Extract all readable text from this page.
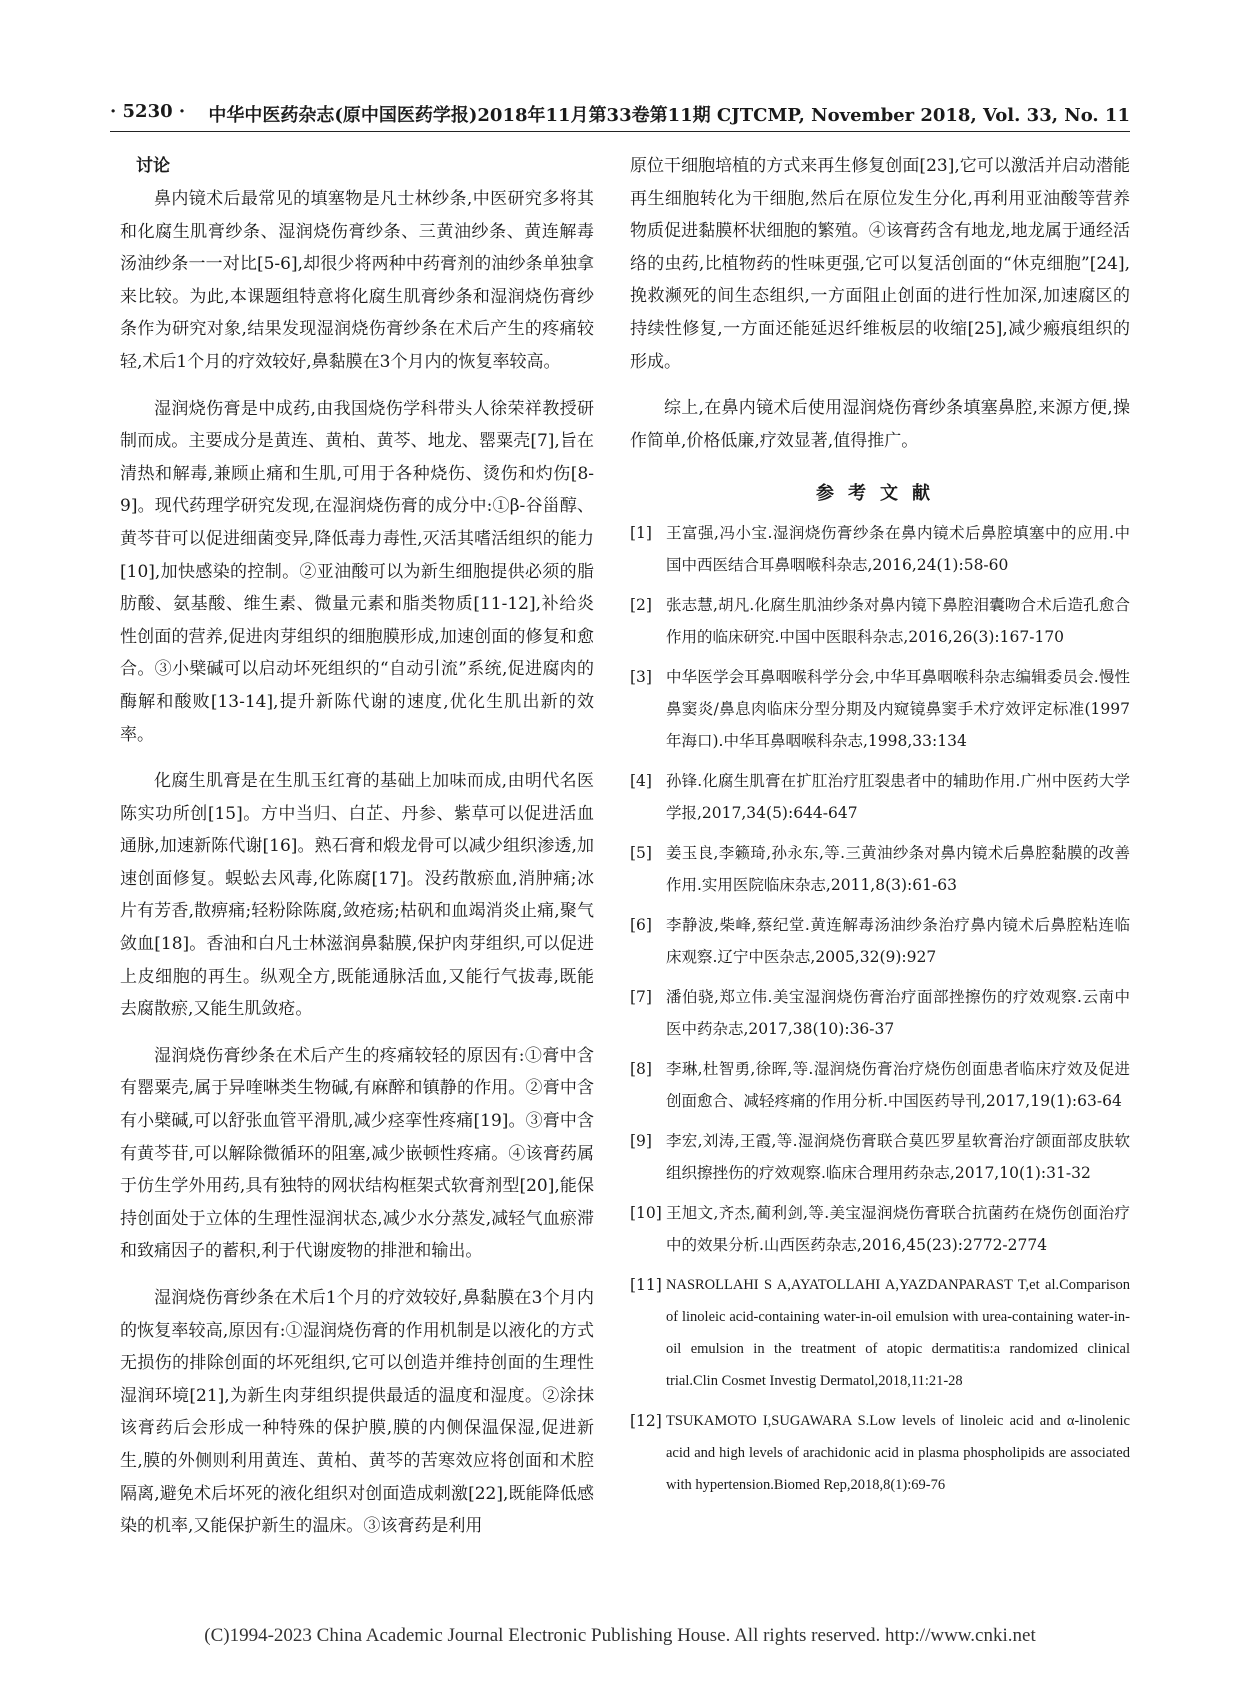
· 5230 · 中华中医药杂志(原中国医药学报)2018年11月第33卷第11期 CJTCMP, November 2018, Vol. 33, No. 11
讨论

鼻内镜术后最常见的填塞物是凡士林纱条,中医研究多将其和化腐生肌膏纱条、湿润烧伤膏纱条、三黄油纱条、黄连解毒汤油纱条一一对比[5-6],却很少将两种中药膏剂的油纱条单独拿来比较。为此,本课题组特意将化腐生肌膏纱条和湿润烧伤膏纱条作为研究对象,结果发现湿润烧伤膏纱条在术后产生的疼痛较轻,术后1个月的疗效较好,鼻黏膜在3个月内的恢复率较高。

湿润烧伤膏是中成药,由我国烧伤学科带头人徐荣祥教授研制而成。主要成分是黄连、黄柏、黄芩、地龙、罂粟壳[7],旨在清热和解毒,兼顾止痛和生肌,可用于各种烧伤、烫伤和灼伤[8-9]。现代药理学研究发现,在湿润烧伤膏的成分中:①β-谷甾醇、黄芩苷可以促进细菌变异,降低毒力毒性,灭活其嗜活组织的能力[10],加快感染的控制。②亚油酸可以为新生细胞提供必须的脂肪酸、氨基酸、维生素、微量元素和脂类物质[11-12],补给炎性创面的营养,促进肉芽组织的细胞膜形成,加速创面的修复和愈合。③小檗碱可以启动坏死组织的“自动引流”系统,促进腐肉的酶解和酸败[13-14],提升新陈代谢的速度,优化生肌出新的效率。

化腐生肌膏是在生肌玉红膏的基础上加味而成,由明代名医陈实功所创[15]。方中当归、白芷、丹参、紫草可以促进活血通脉,加速新陈代谢[16]。熟石膏和煅龙骨可以减少组织渗透,加速创面修复。蜈蚣去风毒,化陈腐[17]。没药散瘀血,消肿痛;冰片有芳香,散痹痛;轻粉除陈腐,敛疮疡;枯矾和血竭消炎止痛,聚气敛血[18]。香油和白凡士林滋润鼻黏膜,保护肉芽组织,可以促进上皮细胞的再生。纵观全方,既能通脉活血,又能行气拔毒,既能去腐散瘀,又能生肌敛疮。

湿润烧伤膏纱条在术后产生的疼痛较轻的原因有:①膏中含有罂粟壳,属于异喹啉类生物碱,有麻醉和镇静的作用。②膏中含有小檗碱,可以舒张血管平滑肌,减少痉挛性疼痛[19]。③膏中含有黄芩苷,可以解除微循环的阻塞,减少嵌顿性疼痛。④该膏药属于仿生学外用药,具有独特的网状结构框架式软膏剂型[20],能保持创面处于立体的生理性湿润状态,减少水分蒸发,减轻气血瘀滞和致痛因子的蓄积,利于代谢废物的排泄和输出。

湿润烧伤膏纱条在术后1个月的疗效较好,鼻黏膜在3个月内的恢复率较高,原因有:①湿润烧伤膏的作用机制是以液化的方式无损伤的排除创面的坏死组织,它可以创造并维持创面的生理性湿润环境[21],为新生肉芽组织提供最适的温度和湿度。②涂抹该膏药后会形成一种特殊的保护膜,膜的内侧保温保湿,促进新生,膜的外侧则利用黄连、黄柏、黄芩的苦寒效应将创面和术腔隔离,避免术后坏死的液化组织对创面造成刺激[22],既能降低感染的机率,又能保护新生的温床。③该膏药是利用

原位干细胞培植的方式来再生修复创面[23],它可以激活并启动潜能再生细胞转化为干细胞,然后在原位发生分化,再利用亚油酸等营养物质促进黏膜杯状细胞的繁殖。④该膏药含有地龙,地龙属于通经活络的虫药,比植物药的性味更强,它可以复活创面的“休克细胞”[24],挽救濒死的间生态组织,一方面阻止创面的进行性加深,加速腐区的持续性修复,一方面还能延迟纤维板层的收缩[25],减少瘢痕组织的形成。

综上,在鼻内镜术后使用湿润烧伤膏纱条填塞鼻腔,来源方便,操作简单,价格低廉,疗效显著,值得推广。

参考文献
[1] 王富强,冯小宝.湿润烧伤膏纱条在鼻内镜术后鼻腔填塞中的应用.中国中西医结合耳鼻咽喉科杂志,2016,24(1):58-60
[2] 张志慧,胡凡.化腐生肌油纱条对鼻内镜下鼻腔泪囊吻合术后造孔愈合作用的临床研究.中国中医眼科杂志,2016,26(3):167-170
[3] 中华医学会耳鼻咽喉科学分会,中华耳鼻咽喉科杂志编辑委员会.慢性鼻窦炎/鼻息肉临床分型分期及内窥镜鼻窦手术疗效评定标准(1997年海口).中华耳鼻咽喉科杂志,1998,33:134
[4] 孙锋.化腐生肌膏在扩肛治疗肛裂患者中的辅助作用.广州中医药大学学报,2017,34(5):644-647
[5] 姜玉良,李籁琦,孙永东,等.三黄油纱条对鼻内镜术后鼻腔黏膜的改善作用.实用医院临床杂志,2011,8(3):61-63
[6] 李静波,柴峰,蔡纪堂.黄连解毒汤油纱条治疗鼻内镜术后鼻腔粘连临床观察.辽宁中医杂志,2005,32(9):927
[7] 潘伯骁,郑立伟.美宝湿润烧伤膏治疗面部挫擦伤的疗效观察.云南中医中药杂志,2017,38(10):36-37
[8] 李琳,杜智勇,徐晖,等.湿润烧伤膏治疗烧伤创面患者临床疗效及促进创面愈合、减轻疼痛的作用分析.中国医药导刊,2017,19(1):63-64
[9] 李宏,刘涛,王霞,等.湿润烧伤膏联合莫匹罗星软膏治疗颌面部皮肤软组织擦挫伤的疗效观察.临床合理用药杂志,2017,10(1):31-32
[10] 王旭文,齐杰,蔺利剑,等.美宝湿润烧伤膏联合抗菌药在烧伤创面治疗中的效果分析.山西医药杂志,2016,45(23):2772-2774
[11] NASROLLAHI S A,AYATOLLAHI A,YAZDANPARAST T,et al.Comparison of linoleic acid-containing water-in-oil emulsion with urea-containing water-in-oil emulsion in the treatment of atopic dermatitis:a randomized clinical trial.Clin Cosmet Investig Dermatol,2018,11:21-28
[12] TSUKAMOTO I,SUGAWARA S.Low levels of linoleic acid and α-linolenic acid and high levels of arachidonic acid in plasma phospholipids are associated with hypertension.Biomed Rep,2018,8(1):69-76
(C)1994-2023 China Academic Journal Electronic Publishing House. All rights reserved. http://www.cnki.net
